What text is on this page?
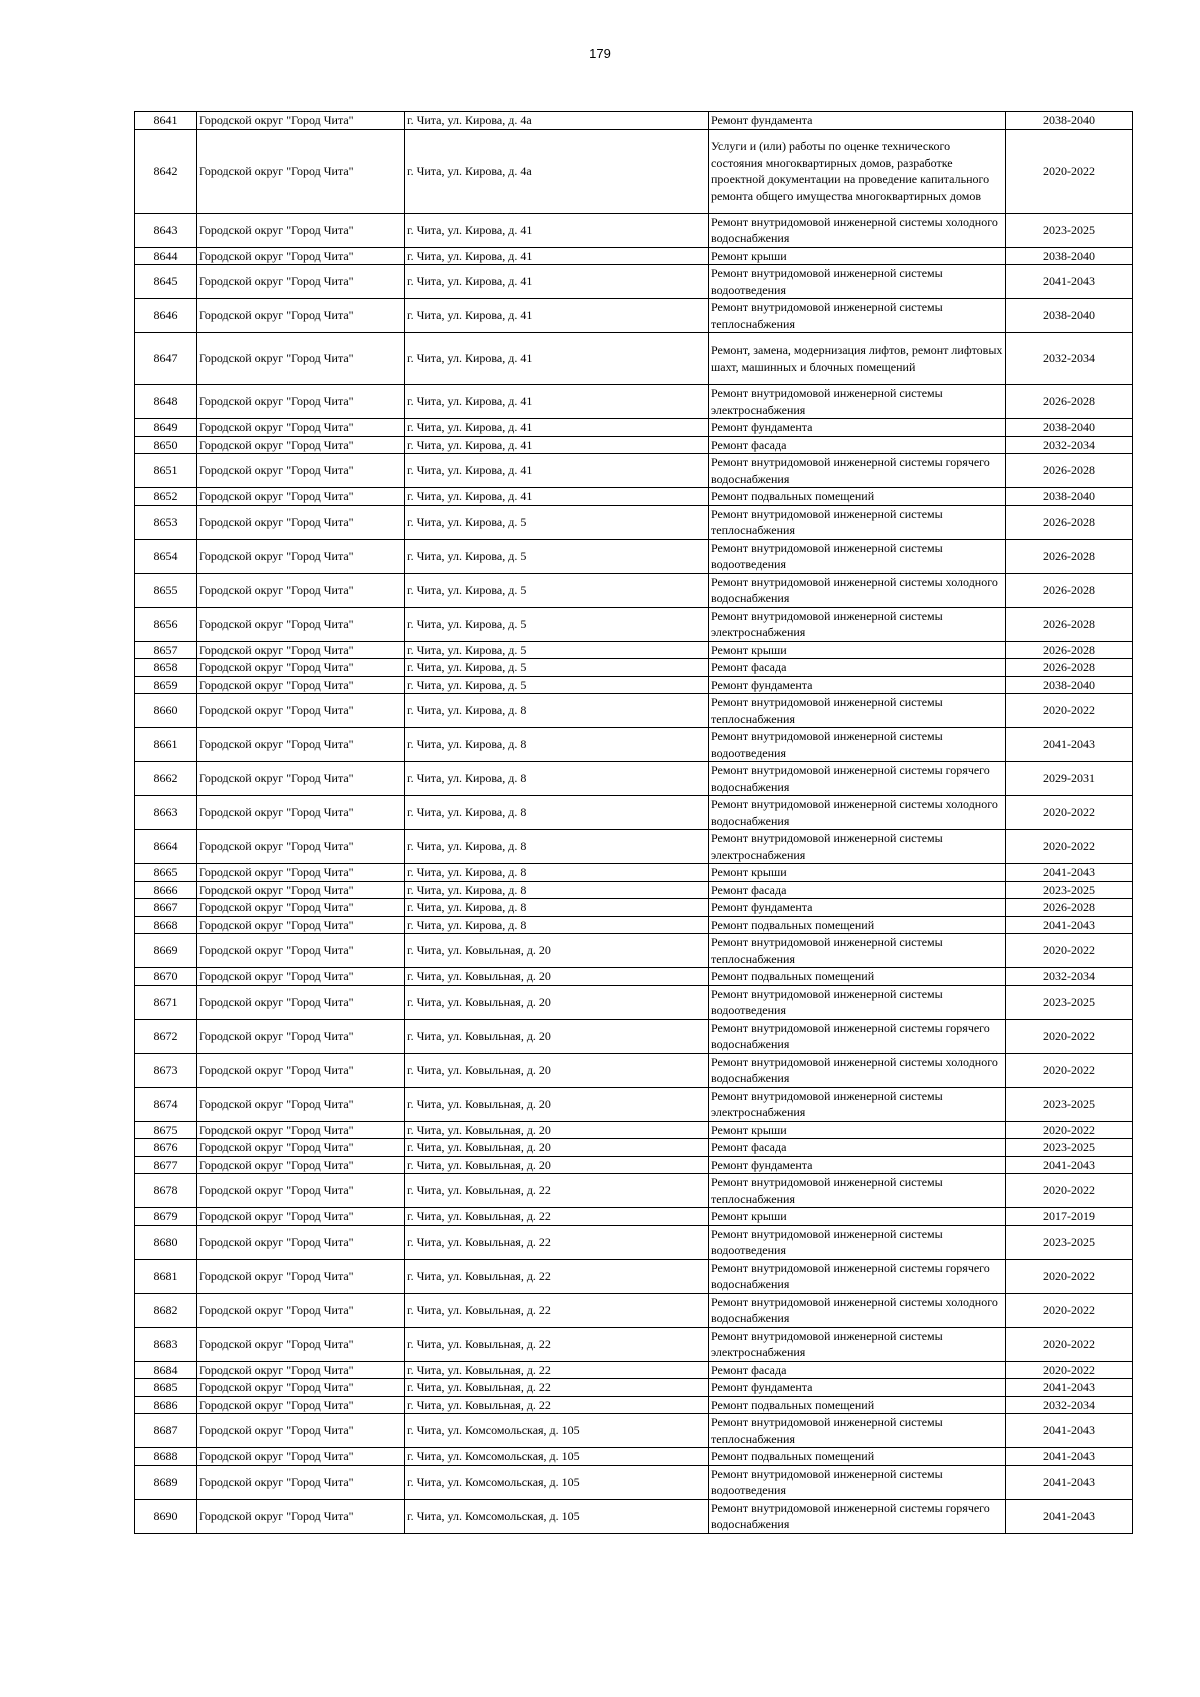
179
8641	Городской округ "Город Чита"	г. Чита, ул. Кирова, д. 4а	Ремонт фундамента	2038-2040
8642	Городской округ "Город Чита"	г. Чита, ул. Кирова, д. 4а	Услуги и (или) работы по оценке технического состояния многоквартирных домов, разработке проектной документации на проведение капитального ремонта общего имущества многоквартирных домов	2020-2022
8643	Городской округ "Город Чита"	г. Чита, ул. Кирова, д. 41	Ремонт внутридомовой инженерной системы холодного водоснабжения	2023-2025
8644	Городской округ "Город Чита"	г. Чита, ул. Кирова, д. 41	Ремонт крыши	2038-2040
8645	Городской округ "Город Чита"	г. Чита, ул. Кирова, д. 41	Ремонт внутридомовой инженерной системы водоотведения	2041-2043
8646	Городской округ "Город Чита"	г. Чита, ул. Кирова, д. 41	Ремонт внутридомовой инженерной системы теплоснабжения	2038-2040
8647	Городской округ "Город Чита"	г. Чита, ул. Кирова, д. 41	Ремонт, замена, модернизация лифтов, ремонт лифтовых шахт, машинных и блочных помещений	2032-2034
8648	Городской округ "Город Чита"	г. Чита, ул. Кирова, д. 41	Ремонт внутридомовой инженерной системы электроснабжения	2026-2028
8649	Городской округ "Город Чита"	г. Чита, ул. Кирова, д. 41	Ремонт фундамента	2038-2040
8650	Городской округ "Город Чита"	г. Чита, ул. Кирова, д. 41	Ремонт фасада	2032-2034
8651	Городской округ "Город Чита"	г. Чита, ул. Кирова, д. 41	Ремонт внутридомовой инженерной системы горячего водоснабжения	2026-2028
8652	Городской округ "Город Чита"	г. Чита, ул. Кирова, д. 41	Ремонт подвальных помещений	2038-2040
8653	Городской округ "Город Чита"	г. Чита, ул. Кирова, д. 5	Ремонт внутридомовой инженерной системы теплоснабжения	2026-2028
8654	Городской округ "Город Чита"	г. Чита, ул. Кирова, д. 5	Ремонт внутридомовой инженерной системы водоотведения	2026-2028
8655	Городской округ "Город Чита"	г. Чита, ул. Кирова, д. 5	Ремонт внутридомовой инженерной системы холодного водоснабжения	2026-2028
8656	Городской округ "Город Чита"	г. Чита, ул. Кирова, д. 5	Ремонт внутридомовой инженерной системы электроснабжения	2026-2028
8657	Городской округ "Город Чита"	г. Чита, ул. Кирова, д. 5	Ремонт крыши	2026-2028
8658	Городской округ "Город Чита"	г. Чита, ул. Кирова, д. 5	Ремонт фасада	2026-2028
8659	Городской округ "Город Чита"	г. Чита, ул. Кирова, д. 5	Ремонт фундамента	2038-2040
8660	Городской округ "Город Чита"	г. Чита, ул. Кирова, д. 8	Ремонт внутридомовой инженерной системы теплоснабжения	2020-2022
8661	Городской округ "Город Чита"	г. Чита, ул. Кирова, д. 8	Ремонт внутридомовой инженерной системы водоотведения	2041-2043
8662	Городской округ "Город Чита"	г. Чита, ул. Кирова, д. 8	Ремонт внутридомовой инженерной системы горячего водоснабжения	2029-2031
8663	Городской округ "Город Чита"	г. Чита, ул. Кирова, д. 8	Ремонт внутридомовой инженерной системы холодного водоснабжения	2020-2022
8664	Городской округ "Город Чита"	г. Чита, ул. Кирова, д. 8	Ремонт внутридомовой инженерной системы электроснабжения	2020-2022
8665	Городской округ "Город Чита"	г. Чита, ул. Кирова, д. 8	Ремонт крыши	2041-2043
8666	Городской округ "Город Чита"	г. Чита, ул. Кирова, д. 8	Ремонт фасада	2023-2025
8667	Городской округ "Город Чита"	г. Чита, ул. Кирова, д. 8	Ремонт фундамента	2026-2028
8668	Городской округ "Город Чита"	г. Чита, ул. Кирова, д. 8	Ремонт подвальных помещений	2041-2043
8669	Городской округ "Город Чита"	г. Чита, ул. Ковыльная, д. 20	Ремонт внутридомовой инженерной системы теплоснабжения	2020-2022
8670	Городской округ "Город Чита"	г. Чита, ул. Ковыльная, д. 20	Ремонт подвальных помещений	2032-2034
8671	Городской округ "Город Чита"	г. Чита, ул. Ковыльная, д. 20	Ремонт внутридомовой инженерной системы водоотведения	2023-2025
8672	Городской округ "Город Чита"	г. Чита, ул. Ковыльная, д. 20	Ремонт внутридомовой инженерной системы горячего водоснабжения	2020-2022
8673	Городской округ "Город Чита"	г. Чита, ул. Ковыльная, д. 20	Ремонт внутридомовой инженерной системы холодного водоснабжения	2020-2022
8674	Городской округ "Город Чита"	г. Чита, ул. Ковыльная, д. 20	Ремонт внутридомовой инженерной системы электроснабжения	2023-2025
8675	Городской округ "Город Чита"	г. Чита, ул. Ковыльная, д. 20	Ремонт крыши	2020-2022
8676	Городской округ "Город Чита"	г. Чита, ул. Ковыльная, д. 20	Ремонт фасада	2023-2025
8677	Городской округ "Город Чита"	г. Чита, ул. Ковыльная, д. 20	Ремонт фундамента	2041-2043
8678	Городской округ "Город Чита"	г. Чита, ул. Ковыльная, д. 22	Ремонт внутридомовой инженерной системы теплоснабжения	2020-2022
8679	Городской округ "Город Чита"	г. Чита, ул. Ковыльная, д. 22	Ремонт крыши	2017-2019
8680	Городской округ "Город Чита"	г. Чита, ул. Ковыльная, д. 22	Ремонт внутридомовой инженерной системы водоотведения	2023-2025
8681	Городской округ "Город Чита"	г. Чита, ул. Ковыльная, д. 22	Ремонт внутридомовой инженерной системы горячего водоснабжения	2020-2022
8682	Городской округ "Город Чита"	г. Чита, ул. Ковыльная, д. 22	Ремонт внутридомовой инженерной системы холодного водоснабжения	2020-2022
8683	Городской округ "Город Чита"	г. Чита, ул. Ковыльная, д. 22	Ремонт внутридомовой инженерной системы электроснабжения	2020-2022
8684	Городской округ "Город Чита"	г. Чита, ул. Ковыльная, д. 22	Ремонт фасада	2020-2022
8685	Городской округ "Город Чита"	г. Чита, ул. Ковыльная, д. 22	Ремонт фундамента	2041-2043
8686	Городской округ "Город Чита"	г. Чита, ул. Ковыльная, д. 22	Ремонт подвальных помещений	2032-2034
8687	Городской округ "Город Чита"	г. Чита, ул. Комсомольская, д. 105	Ремонт внутридомовой инженерной системы теплоснабжения	2041-2043
8688	Городской округ "Город Чита"	г. Чита, ул. Комсомольская, д. 105	Ремонт подвальных помещений	2041-2043
8689	Городской округ "Город Чита"	г. Чита, ул. Комсомольская, д. 105	Ремонт внутридомовой инженерной системы водоотведения	2041-2043
8690	Городской округ "Город Чита"	г. Чита, ул. Комсомольская, д. 105	Ремонт внутридомовой инженерной системы горячего водоснабжения	2041-2043
